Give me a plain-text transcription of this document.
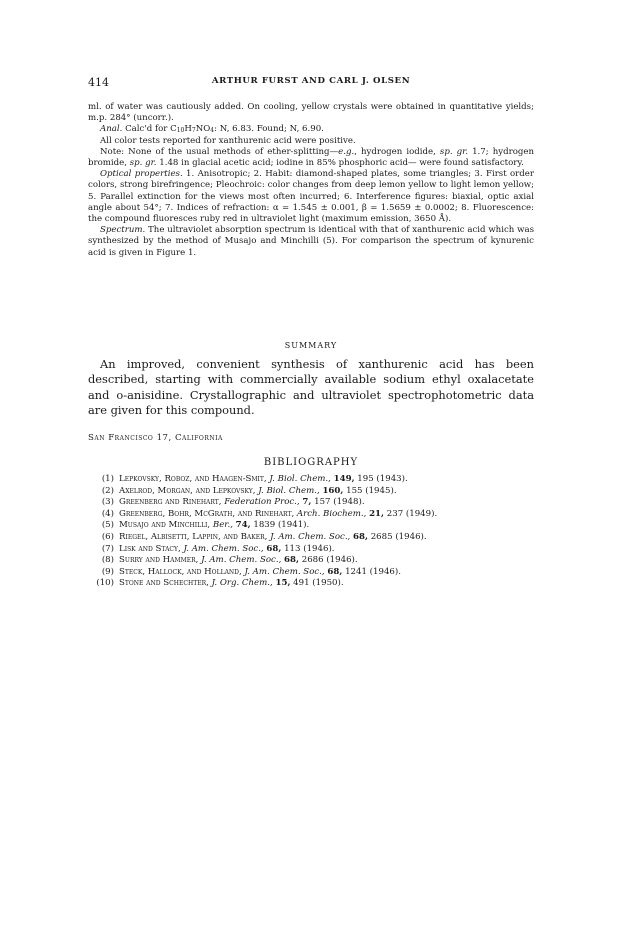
414	ARTHUR FURST AND CARL J. OLSEN

ml. of water was cautiously added. On cooling, yellow crystals were obtained in quantitative yields; m.p. 284° (uncorr.).

Anal. Calc'd for $C_{10}H_7NO_4$: N, 6.83. Found; N, 6.90.

All color tests reported for xanthurenic acid were positive.

Note: None of the usual methods of ether-splitting—e.g., hydrogen iodide, sp. gr. 1.7; hydrogen bromide, sp. gr. 1.48 in glacial acetic acid; iodine in 85% phosphoric acid— were found satisfactory.

Optical properties. 1. Anisotropic; 2. Habit: diamond-shaped plates, some triangles; 3. First order colors, strong birefringence; Pleochroic: color changes from deep lemon yellow to light lemon yellow; 5. Parallel extinction for the views most often incurred; 6. Interference figures: biaxial, optic axial angle about 54°; 7. Indices of refraction: α = 1.545 ± 0.001, β = 1.5659 ± 0.0002; 8. Fluorescence: the compound fluoresces ruby red in ultraviolet light (maximum emission, 3650 Å).

Spectrum. The ultraviolet absorption spectrum is identical with that of xanthurenic acid which was synthesized by the method of Musajo and Minchilli (5). For comparison the spectrum of kynurenic acid is given in Figure 1.

SUMMARY

An improved, convenient synthesis of xanthurenic acid has been described, starting with commercially available sodium ethyl oxalacetate and o-anisidine. Crystallographic and ultraviolet spectrophotometric data are given for this compound.

San Francisco 17, California
BIBLIOGRAPHY
(1) Lepkovsky, Roboz, and Haagen-Smit, J. Biol. Chem., 149, 195 (1943).
(2) Axelrod, Morgan, and Lepkovsky, J. Biol. Chem., 160, 155 (1945).
(3) Greenberg and Rinehart, Federation Proc., 7, 157 (1948).
(4) Greenberg, Bohr, McGrath, and Rinehart, Arch. Biochem., 21, 237 (1949).
(5) Musajo and Minchilli, Ber., 74, 1839 (1941).
(6) Riegel, Albisetti, Lappin, and Baker, J. Am. Chem. Soc., 68, 2685 (1946).
(7) Lisk and Stacy, J. Am. Chem. Soc., 68, 113 (1946).
(8) Surry and Hammer, J. Am. Chem. Soc., 68, 2686 (1946).
(9) Steck, Hallock, and Holland, J. Am. Chem. Soc., 68, 1241 (1946).
(10) Stone and Schechter, J. Org. Chem., 15, 491 (1950).
